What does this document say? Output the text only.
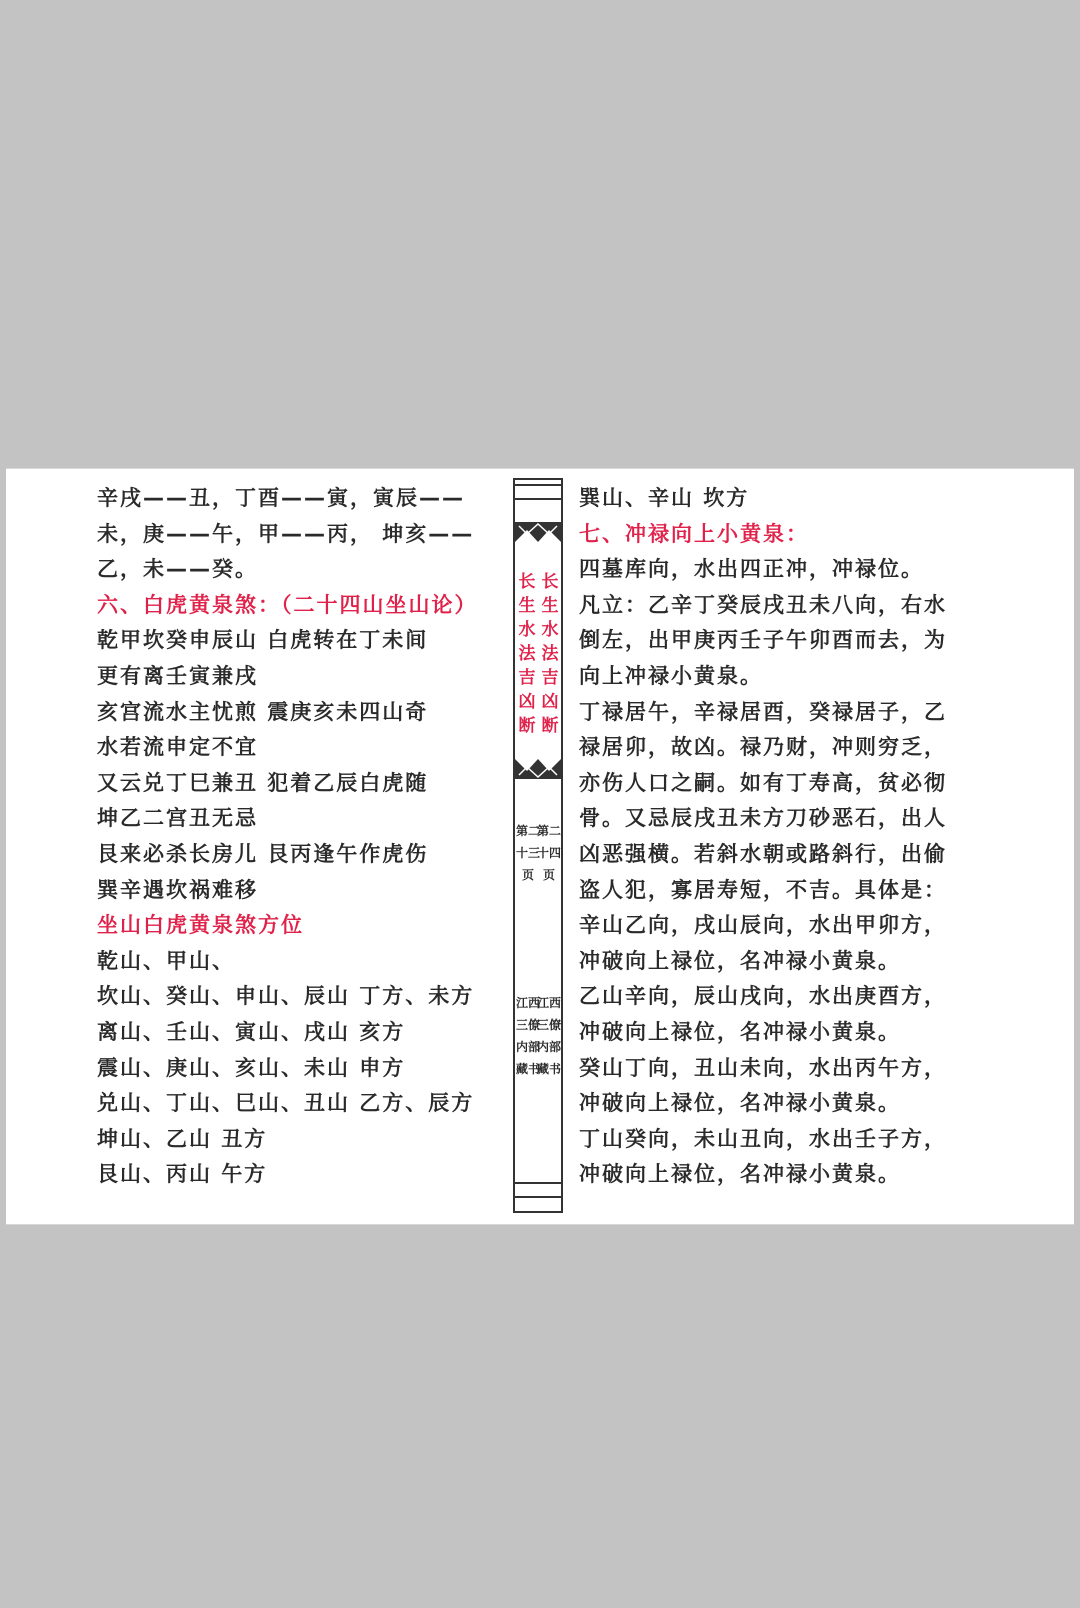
辛戌——丑，丁酉——寅，寅辰——
未，庚——午，甲——丙， 坤亥——
乙，未——癸。
六、白虎黄泉煞：（二十四山坐山论）
乾甲坎癸申辰山 白虎转在丁未间
更有离壬寅兼戌
亥宫流水主忧煎 震庚亥未四山奇
水若流申定不宜
又云兑丁巳兼丑 犯着乙辰白虎随
坤乙二宫丑无忌
艮来必杀长房儿 艮丙逢午作虎伤
巽辛遇坎祸难移
坐山白虎黄泉煞方位
乾山、甲山、
坎山、癸山、申山、辰山 丁方、未方
离山、壬山、寅山、戌山 亥方
震山、庚山、亥山、未山 申方
兑山、丁山、巳山、丑山 乙方、辰方
坤山、乙山 丑方
艮山、丙山 午方
长生水法吉凶断
长生水法吉凶断
第二十三页
第二十四页
江西三僚内部藏书
江西三僚内部藏书
巽山、辛山 坎方
七、冲禄向上小黄泉：
四墓库向，水出四正冲，冲禄位。
凡立：乙辛丁癸辰戌丑未八向，右水
倒左，出甲庚丙壬子午卯酉而去，为
向上冲禄小黄泉。
丁禄居午，辛禄居酉，癸禄居子，乙
禄居卯，故凶。禄乃财，冲则穷乏，
亦伤人口之嗣。如有丁寿高，贫必彻
骨。又忌辰戌丑未方刀砂恶石，出人
凶恶强横。若斜水朝或路斜行，出偷
盗人犯，寡居寿短，不吉。具体是：
辛山乙向，戌山辰向，水出甲卯方，
冲破向上禄位，名冲禄小黄泉。
乙山辛向，辰山戌向，水出庚酉方，
冲破向上禄位，名冲禄小黄泉。
癸山丁向，丑山未向，水出丙午方，
冲破向上禄位，名冲禄小黄泉。
丁山癸向，未山丑向，水出壬子方，
冲破向上禄位，名冲禄小黄泉。
